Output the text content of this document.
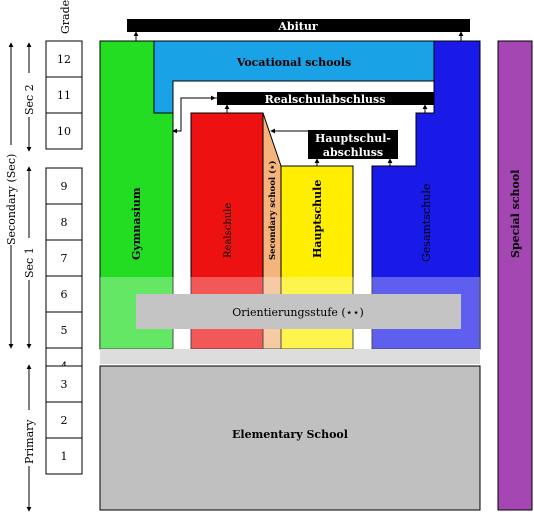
Grade
12
11
10
9
8
7
6
5
3
2
1
Secondary (Sec)
Sec 2
Sec 1
Primary
Abitur
Gymnasium
Vocational schools
Gesamtschule
Realschule	Secondary school (⋆)	Hauptschule
Realschulabschluss
Hauptschul-
abschluss
Orientierungsstufe (⋆⋆)
Elementary School
Special school
